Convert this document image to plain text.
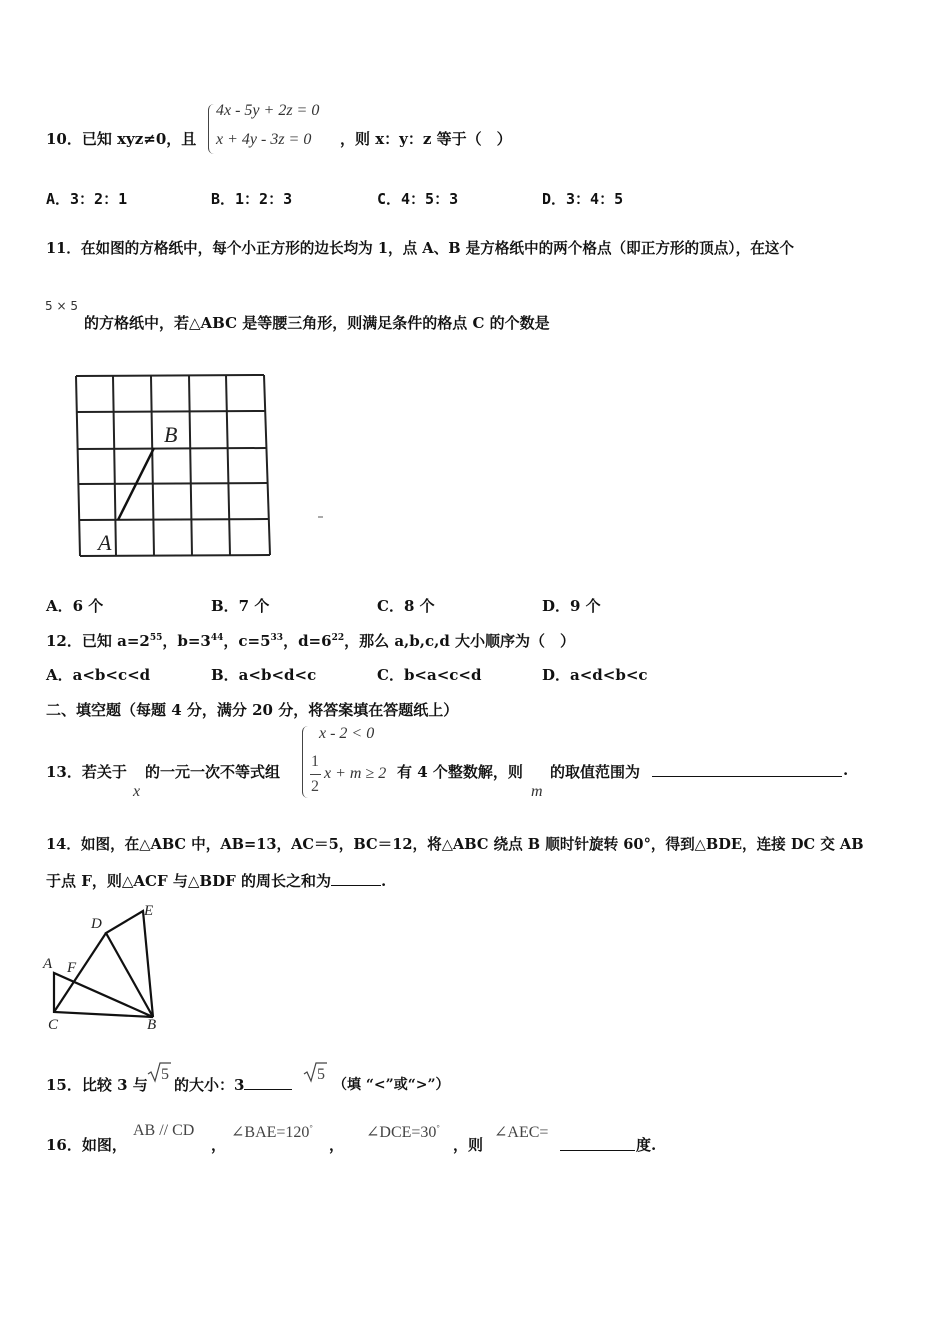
10．已知 xyz≠0，且
4x - 5y + 2z = 0
x + 4y - 3z = 0 ，则 x：y：z 等于（　）
A．3：2：1	B．1：2：3	C．4：5：3	D．3：4：5
11．在如图的方格纸中，每个小正方形的边长均为 1，点 A、B 是方格纸中的两个格点（即正方形的顶点），在这个
5 × 5
的方格纸中，若△ABC 是等腰三角形，则满足条件的格点 C 的个数是
A
B
A．6 个	B．7 个	C．8 个	D．9 个
12．已知 $a=2^{55}$，$b=3^{44}$，$c=5^{33}$，$d=6^{22}$，那么 a,b,c,d 大小顺序为（　）
A．a<b<c<d	B．a<b<d<c	C．b<a<c<d	D．a<d<b<c
二、填空题（每题 4 分，满分 20 分，将答案填在答题纸上）
13．若关于
x
的一元一次不等式组
x - 2 < 0
1
2
x + m ≥ 2 有 4 个整数解，则
m
的取值范围为	.
14．如图，在△ABC 中，AB=13，AC＝5，BC＝12，将△ABC 绕点 B 顺时针旋转 60°，得到△BDE，连接 DC 交 AB
于点 F，则△ACF 与△BDF 的周长之和为	.
A
C	B
D
E
F
15．比较 3 与
5
的大小：3
5
（填 “<”或“>”）
16．如图，
AB // CD
，
∠BAE=120°
，
∠DCE=30°
，则
∠AEC=
度.
